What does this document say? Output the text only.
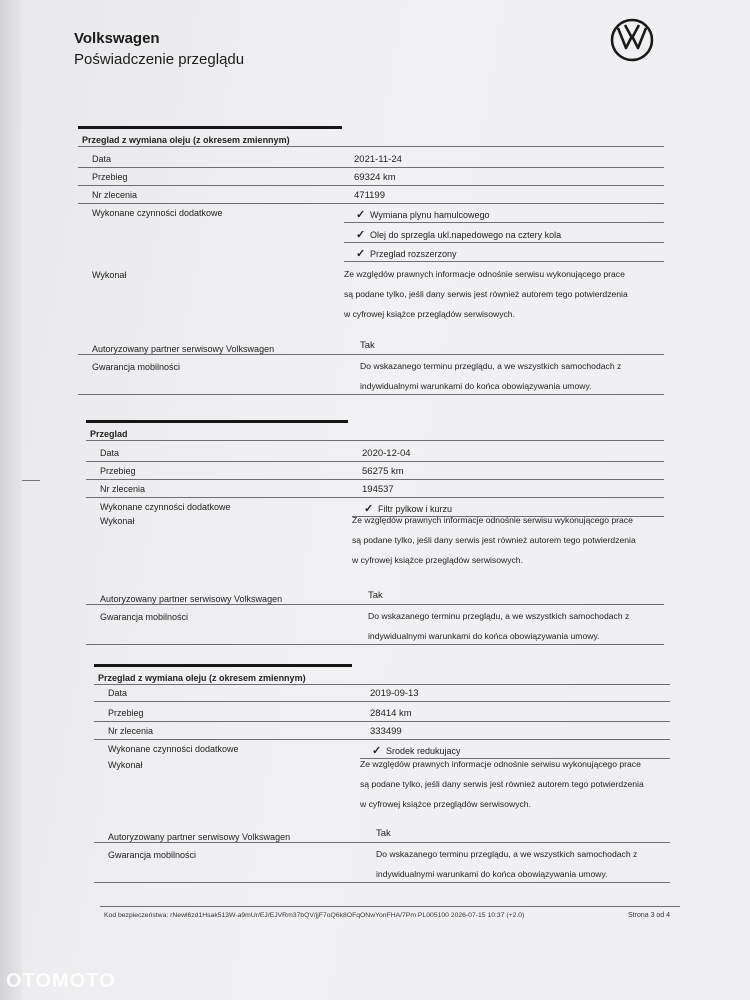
Volkswagen
Poświadczenie przeglądu
Przeglad z wymiana oleju (z okresem zmiennym)
Data	2021-11-24
Przebieg	69324 km
Nr zlecenia	471199
Wykonane czynności dodatkowe	✓ Wymiana plynu hamulcowego
✓ Olej do sprzegla ukl.napedowego na cztery kola
✓ Przeglad rozszerzony
Wykonał	Ze względów prawnych informacje odnośnie serwisu wykonującego prace
są podane tylko, jeśli dany serwis jest również autorem tego potwierdzenia
w cyfrowej książce przeglądów serwisowych.
Autoryzowany partner serwisowy Volkswagen	Tak
Gwarancja mobilności	Do wskazanego terminu przeglądu, a we wszystkich samochodach z
indywidualnymi warunkami do końca obowiązywania umowy.
Przeglad
Data	2020-12-04
Przebieg	56275 km
Nr zlecenia	194537
Wykonane czynności dodatkowe	✓ Filtr pylkow i kurzu
Wykonał	Ze względów prawnych informacje odnośnie serwisu wykonującego prace
są podane tylko, jeśli dany serwis jest również autorem tego potwierdzenia
w cyfrowej książce przeglądów serwisowych.
Autoryzowany partner serwisowy Volkswagen	Tak
Gwarancja mobilności	Do wskazanego terminu przeglądu, a we wszystkich samochodach z
indywidualnymi warunkami do końca obowiązywania umowy.
Przeglad z wymiana oleju (z okresem zmiennym)
Data	2019-09-13
Przebieg	28414 km
Nr zlecenia	333499
Wykonane czynności dodatkowe	✓ Srodek redukujacy
Wykonał	Ze względów prawnych informacje odnośnie serwisu wykonującego prace
są podane tylko, jeśli dany serwis jest również autorem tego potwierdzenia
w cyfrowej książce przeglądów serwisowych.
Autoryzowany partner serwisowy Volkswagen	Tak
Gwarancja mobilności	Do wskazanego terminu przeglądu, a we wszystkich samochodach z
indywidualnymi warunkami do końca obowiązywania umowy.
Kod bezpieczeństwa: rNewl6zd1Hsak513W-a9mUr/EJ/EJVRm37bQV/jjF7oQ6k8OFqONwYonFHA/7Pm PL005100 2026-07-15 10:37 (+2.0)	Strona 3 od 4
OTOMOTO
